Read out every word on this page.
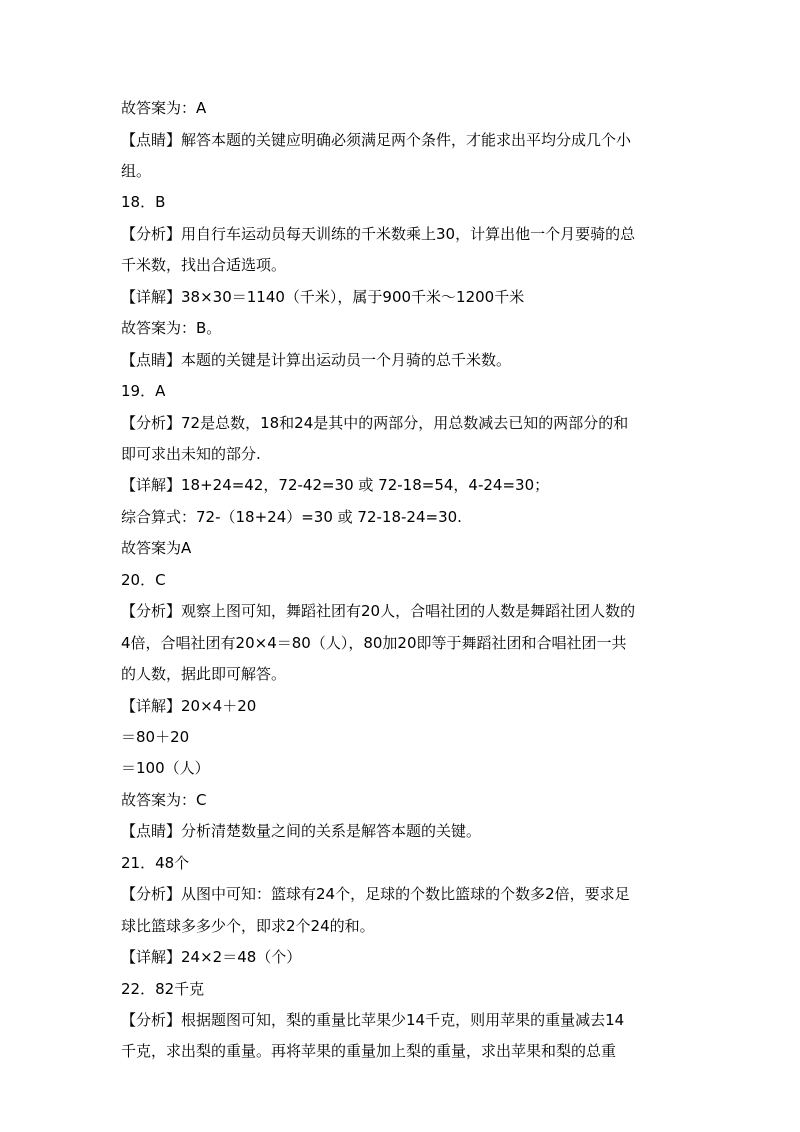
故答案为：A
【点睛】解答本题的关键应明确必须满足两个条件，才能求出平均分成几个小
组。
18．B
【分析】用自行车运动员每天训练的千米数乘上30，计算出他一个月要骑的总
千米数，找出合适选项。
【详解】38×30＝1140（千米），属于900千米～1200千米
故答案为：B。
【点睛】本题的关键是计算出运动员一个月骑的总千米数。
19．A
【分析】72是总数，18和24是其中的两部分，用总数减去已知的两部分的和
即可求出未知的部分.
【详解】18+24=42，72-42=30 或 72-18=54，4-24=30；
综合算式：72-（18+24）=30 或 72-18-24=30.
故答案为A
20．C
【分析】观察上图可知，舞蹈社团有20人，合唱社团的人数是舞蹈社团人数的
4倍，合唱社团有20×4＝80（人），80加20即等于舞蹈社团和合唱社团一共
的人数，据此即可解答。
【详解】20×4＋20
＝80＋20
＝100（人）
故答案为：C
【点睛】分析清楚数量之间的关系是解答本题的关键。
21．48个
【分析】从图中可知：篮球有24个，足球的个数比篮球的个数多2倍，要求足
球比篮球多多少个，即求2个24的和。
【详解】24×2＝48（个）
22．82千克
【分析】根据题图可知，梨的重量比苹果少14千克，则用苹果的重量减去14
千克，求出梨的重量。再将苹果的重量加上梨的重量，求出苹果和梨的总重
